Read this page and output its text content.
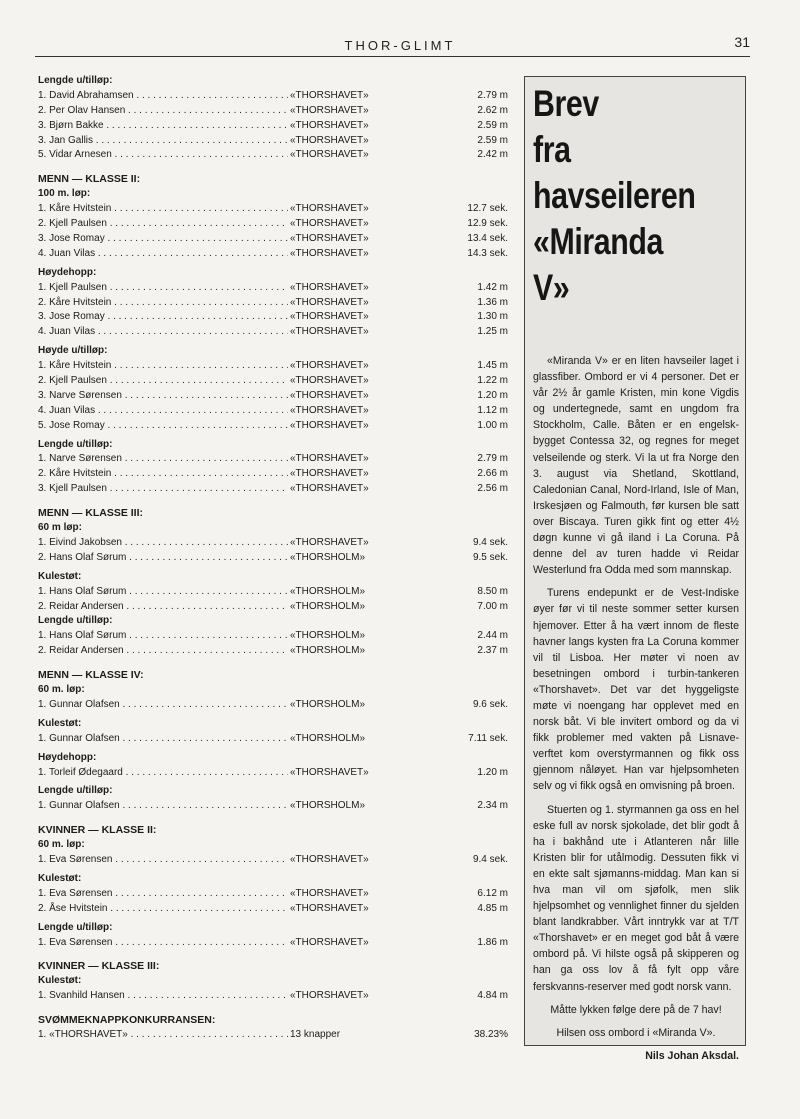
THOR-GLIMT	31
Lengde u/tilløp:
1. David Abrahamsen . . .	«THORSHAVET»	2.79 m
2. Per Olav Hansen . . .	«THORSHAVET»	2.62 m
3. Bjørn Bakke . . .	«THORSHAVET»	2.59 m
3. Jan Gallis . . .	«THORSHAVET»	2.59 m
5. Vidar Arnesen . . .	«THORSHAVET»	2.42 m
MENN — KLASSE II:
100 m. løp:
1. Kåre Hvitstein . . .	«THORSHAVET»	12.7 sek.
2. Kjell Paulsen . . .	«THORSHAVET»	12.9 sek.
3. Jose Romay . . .	«THORSHAVET»	13.4 sek.
4. Juan Vilas . . .	«THORSHAVET»	14.3 sek.
Høydehopp:
1. Kjell Paulsen . . .	«THORSHAVET»	1.42 m
2. Kåre Hvitstein . . .	«THORSHAVET»	1.36 m
3. Jose Romay . . .	«THORSHAVET»	1.30 m
4. Juan Vilas . . .	«THORSHAVET»	1.25 m
Høyde u/tilløp:
1. Kåre Hvitstein . . .	«THORSHAVET»	1.45 m
2. Kjell Paulsen . . .	«THORSHAVET»	1.22 m
3. Narve Sørensen . . .	«THORSHAVET»	1.20 m
4. Juan Vilas . . .	«THORSHAVET»	1.12 m
5. Jose Romay . . .	«THORSHAVET»	1.00 m
Lengde u/tilløp:
1. Narve Sørensen . . .	«THORSHAVET»	2.79 m
2. Kåre Hvitstein . . .	«THORSHAVET»	2.66 m
3. Kjell Paulsen . . .	«THORSHAVET»	2.56 m
MENN — KLASSE III:
60 m løp:
1. Eivind Jakobsen . . .	«THORSHAVET»	9.4 sek.
2. Hans Olaf Sørum . . .	«THORSHOLM»	9.5 sek.
Kulestøt:
1. Hans Olaf Sørum . . .	«THORSHOLM»	8.50 m
2. Reidar Andersen . . .	«THORSHOLM»	7.00 m
Lengde u/tilløp:
1. Hans Olaf Sørum . . .	«THORSHOLM»	2.44 m
2. Reidar Andersen . . .	«THORSHOLM»	2.37 m
MENN — KLASSE IV:
60 m. løp:
1. Gunnar Olafsen . . .	«THORSHOLM»	9.6 sek.
Kulestøt:
1. Gunnar Olafsen . . .	«THORSHOLM»	7.11 sek.
Høydehopp:
1. Torleif Ødegaard . . .	«THORSHAVET»	1.20 m
Lengde u/tilløp:
1. Gunnar Olafsen . . .	«THORSHOLM»	2.34 m
KVINNER — KLASSE II:
60 m. løp:
1. Eva Sørensen . . .	«THORSHAVET»	9.4 sek.
Kulestøt:
1. Eva Sørensen . . .	«THORSHAVET»	6.12 m
2. Åse Hvitstein . . .	«THORSHAVET»	4.85 m
Lengde u/tilløp:
1. Eva Sørensen . . .	«THORSHAVET»	1.86 m
KVINNER — KLASSE III:
Kulestøt:
1. Svanhild Hansen . . .	«THORSHAVET»	4.84 m
SVØMMEKNAPPKONKURRANSEN:
1. «THORSHAVET» . . .	13 knapper	38.23%
Brev
fra
havseileren
«Miranda V»

«Miranda V» er en liten havseiler laget i glassfiber. Ombord er vi 4 personer. Det er vår 2½ år gamle Kristen, min kone Vigdis og undertegnede, samt en ungdom fra Stockholm, Calle. Båten er en engelsk-bygget Contessa 32, og regnes for meget velseilende og sterk. Vi la ut fra Norge den 3. august via Shetland, Skottland, Caledonian Canal, Nord-Irland, Isle of Man, Irskesjøen og Falmouth, før kursen ble satt over Biscaya. Turen gikk fint og etter 4½ døgn kunne vi gå iland i La Coruna. På denne del av turen hadde vi Reidar Westerlund fra Odda med som mannskap.

Turens endepunkt er de Vest-Indiske øyer før vi til neste sommer setter kursen hjemover. Etter å ha vært innom de fleste havner langs kysten fra La Coruna kommer vil til Lisboa. Her møter vi noen av besetningen ombord i turbin-tankeren «Thorshavet». Det var det hyggeligste møte vi noengang har opplevet med en norsk båt. Vi ble invitert ombord og da vi fikk problemer med vakten på Lisnave-verftet kom overstyrmannen og fikk oss gjennom nåløyet. Han var hjelpsomheten selv og vi fikk også en omvisning på broen.

Stuerten og 1. styrmannen ga oss en hel eske full av norsk sjokolade, det blir godt å ha i bakhånd ute i Atlanteren når lille Kristen blir for utålmodig. Dessuten fikk vi en ekte salt sjømanns-middag. Man kan si hva man vil om sjøfolk, men slik hjelpsomhet og vennlighet finner du sjelden blant landkrabber. Vårt inntrykk var at T/T «Thorshavet» er en meget god båt å være ombord på. Vi hilste også på skipperen og han ga oss lov å få fylt opp våre ferskvanns-reserver med godt norsk vann.

Måtte lykken følge dere på de 7 hav!

Hilsen oss ombord i «Miranda V».

Nils Johan Aksdal.
